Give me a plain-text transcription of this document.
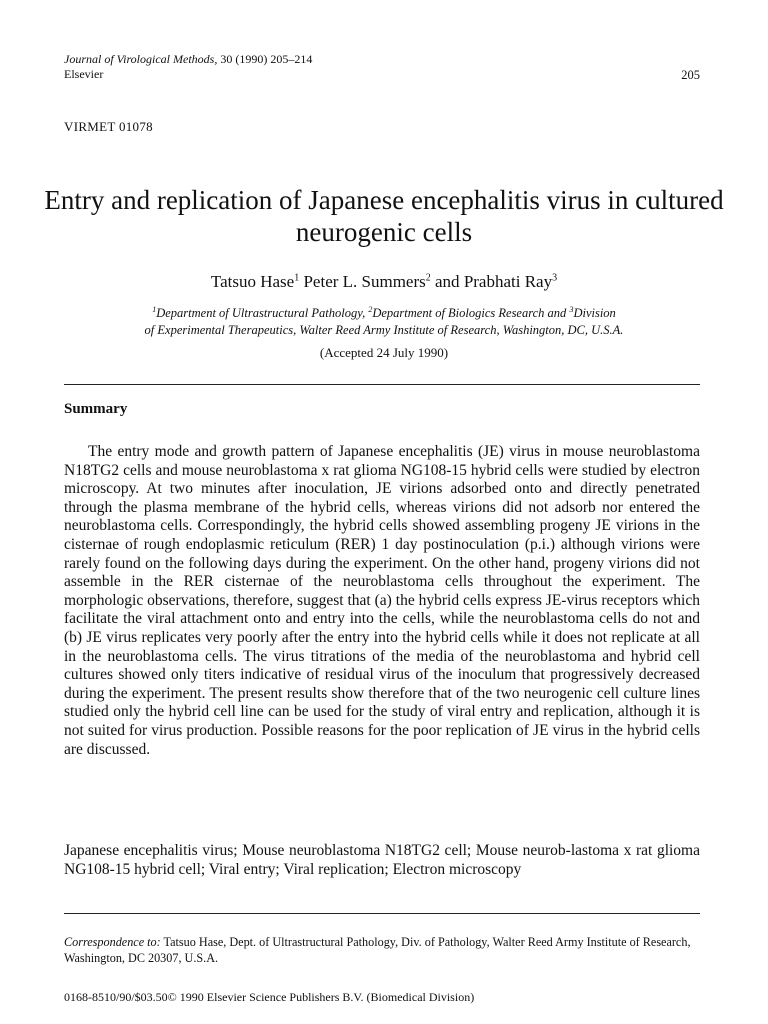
Journal of Virological Methods, 30 (1990) 205–214
Elsevier	205
VIRMET 01078
Entry and replication of Japanese encephalitis virus in cultured neurogenic cells
Tatsuo Hase$^1$ Peter L. Summers$^2$ and Prabhati Ray$^3$
$^1$Department of Ultrastructural Pathology, $^2$Department of Biologics Research and $^3$Division
of Experimental Therapeutics, Walter Reed Army Institute of Research, Washington, DC, U.S.A.
(Accepted 24 July 1990)
Summary
The entry mode and growth pattern of Japanese encephalitis (JE) virus in mouse neuroblastoma N18TG2 cells and mouse neuroblastoma x rat glioma NG108-15 hybrid cells were studied by electron microscopy. At two minutes after inoculation, JE virions adsorbed onto and directly penetrated through the plasma membrane of the hybrid cells, whereas virions did not adsorb nor entered the neuroblastoma cells. Correspondingly, the hybrid cells showed assembling progeny JE virions in the cisternae of rough endoplasmic reticulum (RER) 1 day postinoculation (p.i.) although virions were rarely found on the following days during the experiment. On the other hand, progeny virions did not assemble in the RER cisternae of the neuroblastoma cells throughout the experiment. The morphologic observations, therefore, suggest that (a) the hybrid cells express JE-virus receptors which facilitate the viral attachment onto and entry into the cells, while the neuroblastoma cells do not and (b) JE virus replicates very poorly after the entry into the hybrid cells while it does not replicate at all in the neuroblastoma cells. The virus titrations of the media of the neuroblastoma and hybrid cell cultures showed only titers indicative of residual virus of the inoculum that progressively decreased during the experiment. The present results show therefore that of the two neurogenic cell culture lines studied only the hybrid cell line can be used for the study of viral entry and replication, although it is not suited for virus production. Possible reasons for the poor replication of JE virus in the hybrid cells are discussed.
Japanese encephalitis virus; Mouse neuroblastoma N18TG2 cell; Mouse neurob-lastoma x rat glioma NG108-15 hybrid cell; Viral entry; Viral replication; Electron microscopy
Correspondence to: Tatsuo Hase, Dept. of Ultrastructural Pathology, Div. of Pathology, Walter Reed Army Institute of Research, Washington, DC 20307, U.S.A.
0168-8510/90/$03.50© 1990 Elsevier Science Publishers B.V. (Biomedical Division)
